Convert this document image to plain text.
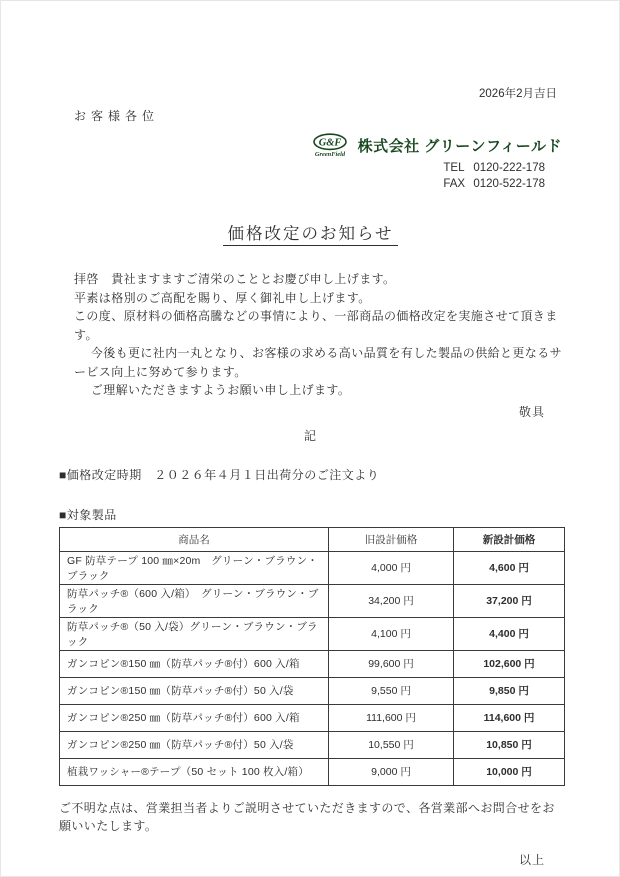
2026年2月吉日
お客様各位
G&F
GreenField
株式会社 グリーンフィールド
TEL 0120-222-178
FAX 0120-522-178
価格改定のお知らせ

拝啓　貴社ますますご清栄のこととお慶び申し上げます。

平素は格別のご高配を賜り、厚く御礼申し上げます。

この度、原材料の価格高騰などの事情により、一部商品の価格改定を実施させて頂きます。

今後も更に社内一丸となり、お客様の求める高い品質を有した製品の供給と更なるサービス向上に努めて参ります。

ご理解いただきますようお願い申し上げます。

敬具
記
■価格改定時期　 ２０２６年４月１日出荷分のご注文より
■対象製品
商品名	旧設計価格	新設計価格
GF 防草テープ 100 ㎜×20m　グリーン・ブラウン・ブラック	4,000 円	4,600 円
防草パッチ®（600 入/箱）　グリーン・ブラウン・ブラック	34,200 円	37,200 円
防草パッチ®（50 入/袋）グリーン・ブラウン・ブラック	4,100 円	4,400 円
ガンコピン®150 ㎜（防草パッチ®付）600 入/箱	99,600 円	102,600 円
ガンコピン®150 ㎜（防草パッチ®付）50 入/袋	9,550 円	9,850 円
ガンコピン®250 ㎜（防草パッチ®付）600 入/箱	111,600 円	114,600 円
ガンコピン®250 ㎜（防草パッチ®付）50 入/袋	10,550 円	10,850 円
植栽ワッシャー®テープ（50 セット 100 枚入/箱）	9,000 円	10,000 円

ご不明な点は、営業担当者よりご説明させていただきますので、各営業部へお問合せをお願いいたします。

以上
